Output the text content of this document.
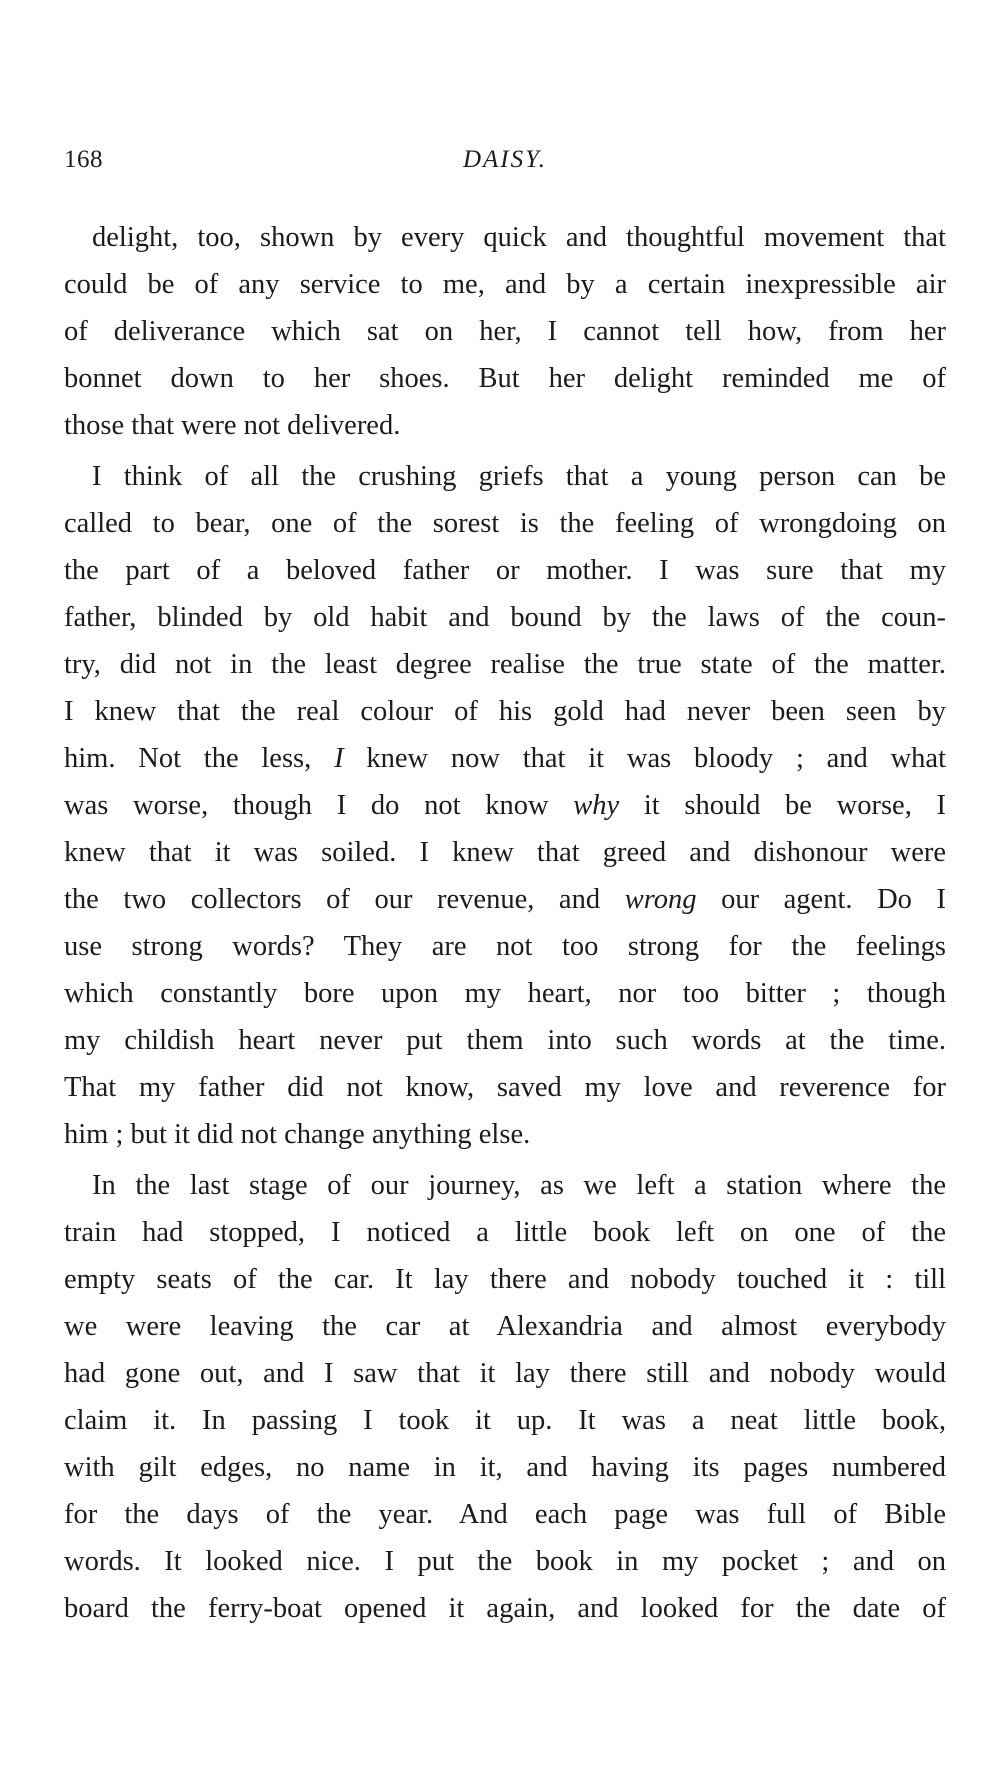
168	DAISY.

delight, too, shown by every quick and thoughtful movement that
could be of any service to me, and by a certain inexpressible air
of deliverance which sat on her, I cannot tell how, from her
bonnet down to her shoes. But her delight reminded me of
those that were not delivered.

I think of all the crushing griefs that a young person can be
called to bear, one of the sorest is the feeling of wrongdoing on
the part of a beloved father or mother. I was sure that my
father, blinded by old habit and bound by the laws of the coun-
try, did not in the least degree realise the true state of the matter.
I knew that the real colour of his gold had never been seen by
him. Not the less, I knew now that it was bloody ; and what
was worse, though I do not know why it should be worse, I
knew that it was soiled. I knew that greed and dishonour were
the two collectors of our revenue, and wrong our agent. Do I
use strong words? They are not too strong for the feelings
which constantly bore upon my heart, nor too bitter ; though
my childish heart never put them into such words at the time.
That my father did not know, saved my love and reverence for
him ; but it did not change anything else.

In the last stage of our journey, as we left a station where the
train had stopped, I noticed a little book left on one of the
empty seats of the car. It lay there and nobody touched it : till
we were leaving the car at Alexandria and almost everybody
had gone out, and I saw that it lay there still and nobody would
claim it. In passing I took it up. It was a neat little book,
with gilt edges, no name in it, and having its pages numbered
for the days of the year. And each page was full of Bible
words. It looked nice. I put the book in my pocket ; and on
board the ferry-boat opened it again, and looked for the date of
